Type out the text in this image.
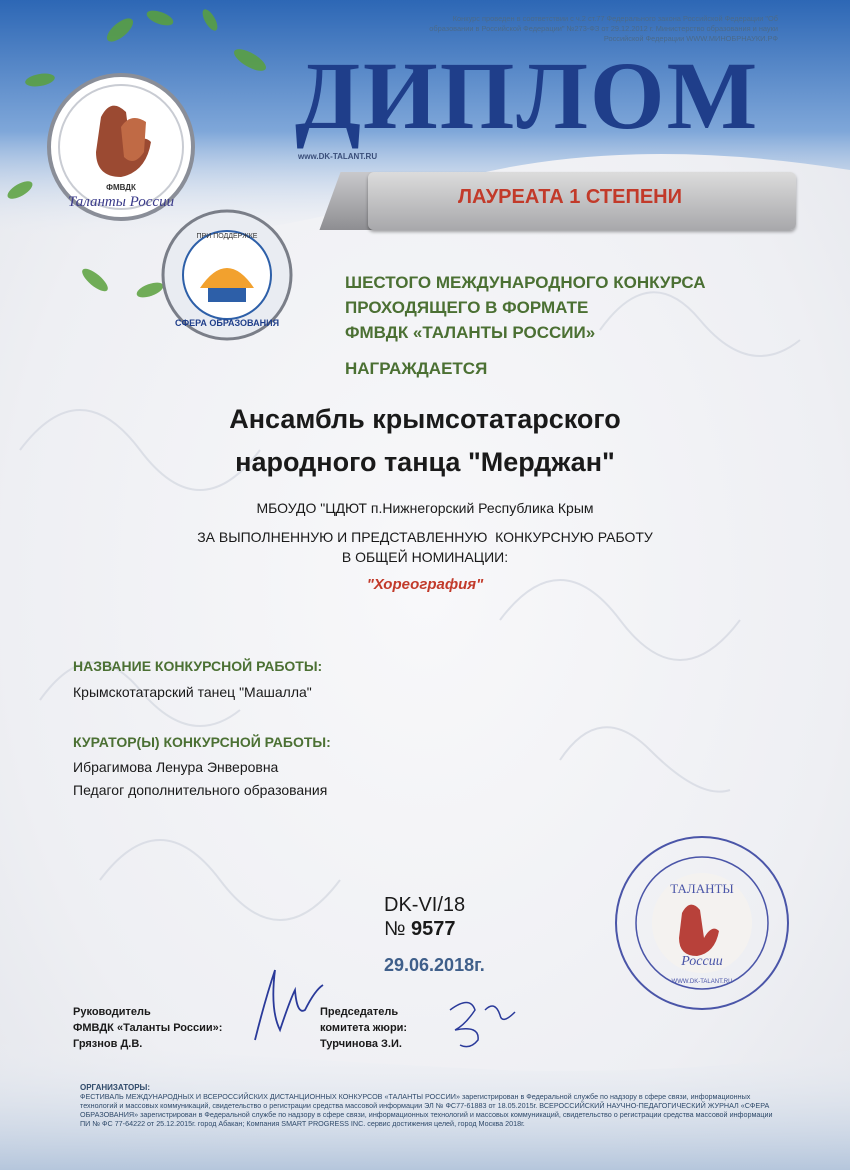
Конкурс проведен в соответствии с ч.2 ст.77 Федерального закона Российской Федерации "Об образовании в Российской Федерации" №273-ФЗ от 29.12.2012 г. Министерство образования и науки Российской Федерации WWW.МИНОБРНАУКИ.РФ
ФМВДК
Таланты России
ПРИ ПОДДЕРЖКЕ
СФЕРА ОБРАЗОВАНИЯ
ДИПЛОМ
www.DK-TALANT.RU
ЛАУРЕАТА 1 СТЕПЕНИ
ШЕСТОГО МЕЖДУНАРОДНОГО КОНКУРСА
ПРОХОДЯЩЕГО В ФОРМАТЕ
ФМВДК «ТАЛАНТЫ РОССИИ»
НАГРАЖДАЕТСЯ
Ансамбль крымсотатарского
народного танца "Мерджан"
МБОУДО "ЦДЮТ п.Нижнегорский Республика Крым
ЗА ВЫПОЛНЕННУЮ И ПРЕДСТАВЛЕННУЮ  КОНКУРСНУЮ РАБОТУ
В ОБЩЕЙ НОМИНАЦИИ:
"Хореография"
НАЗВАНИЕ КОНКУРСНОЙ РАБОТЫ:
Крымскотатарский танец "Машалла"
КУРАТОР(Ы) КОНКУРСНОЙ РАБОТЫ:
Ибрагимова Ленура Энверовна
Педагог дополнительного образования
DK-VI/18
№ 9577
29.06.2018г.
ТАЛАНТЫ
России
WWW.DK-TALANT.RU
Руководитель
ФМВДК «Таланты России»:
Грязнов Д.В.
Председатель
комитета жюри:
Турчинова З.И.
ОРГАНИЗАТОРЫ:
ФЕСТИВАЛЬ МЕЖДУНАРОДНЫХ И ВСЕРОССИЙСКИХ ДИСТАНЦИОННЫХ КОНКУРСОВ «ТАЛАНТЫ РОССИИ» зарегистрирован в Федеральной службе по надзору в сфере связи, информационных технологий и массовых коммуникаций, свидетельство о регистрации средства массовой информации ЭЛ № ФС77-61883 от 18.05.2015г. ВСЕРОССИЙСКИЙ НАУЧНО-ПЕДАГОГИЧЕСКИЙ ЖУРНАЛ «СФЕРА ОБРАЗОВАНИЯ» зарегистрирован в Федеральной службе по надзору в сфере связи, информационных технологий и массовых коммуникаций, свидетельство о регистрации средства массовой информации ПИ № ФС 77-64222 от 25.12.2015г. город Абакан; Компания SMART PROGRESS INC. сервис достижения целей, город Москва 2018г.
